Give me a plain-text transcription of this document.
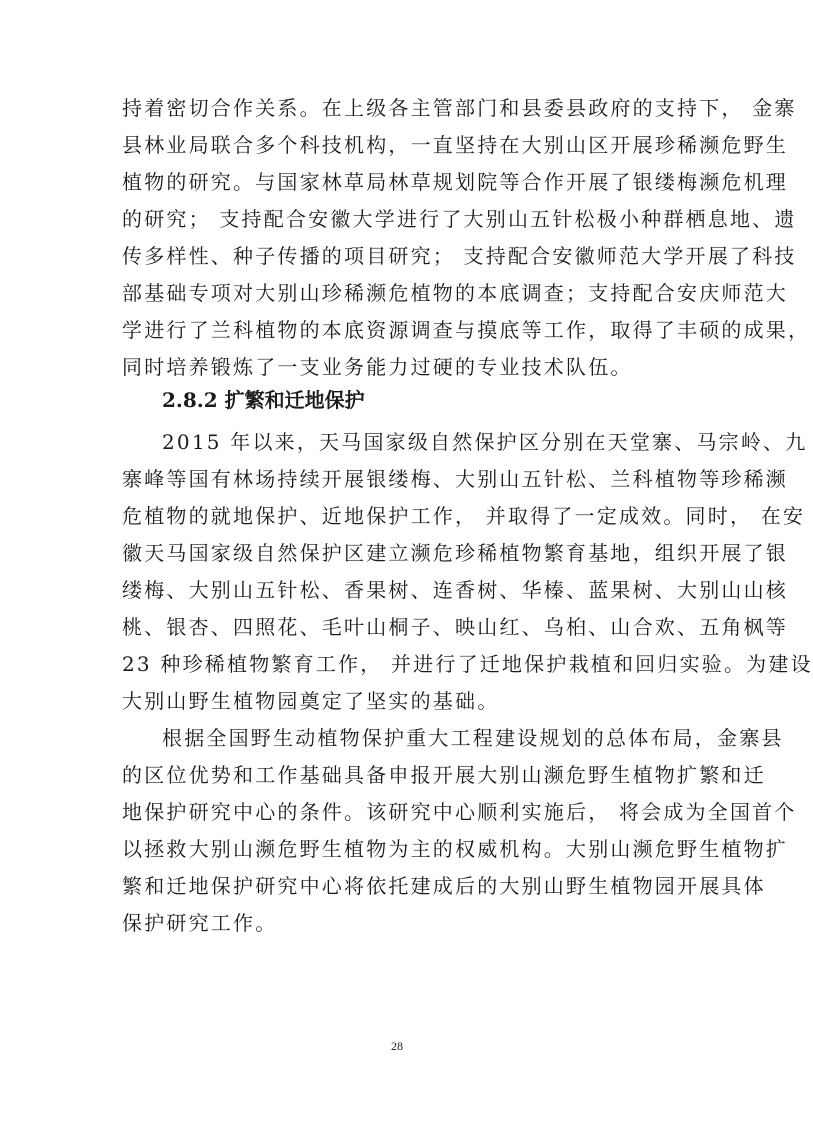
持着密切合作关系。在上级各主管部门和县委县政府的支持下， 金寨
县林业局联合多个科技机构，一直坚持在大别山区开展珍稀濒危野生
植物的研究。与国家林草局林草规划院等合作开展了银缕梅濒危机理
的研究； 支持配合安徽大学进行了大别山五针松极小种群栖息地、遗
传多样性、种子传播的项目研究； 支持配合安徽师范大学开展了科技
部基础专项对大别山珍稀濒危植物的本底调查；支持配合安庆师范大
学进行了兰科植物的本底资源调查与摸底等工作，取得了丰硕的成果，
同时培养锻炼了一支业务能力过硬的专业技术队伍。
2.8.2 扩繁和迁地保护
2015 年以来，天马国家级自然保护区分别在天堂寨、马宗岭、九
寨峰等国有林场持续开展银缕梅、大别山五针松、兰科植物等珍稀濒
危植物的就地保护、近地保护工作， 并取得了一定成效。同时， 在安
徽天马国家级自然保护区建立濒危珍稀植物繁育基地，组织开展了银
缕梅、大别山五针松、香果树、连香树、华榛、蓝果树、大别山山核
桃、银杏、四照花、毛叶山桐子、映山红、乌桕、山合欢、五角枫等
23 种珍稀植物繁育工作， 并进行了迁地保护栽植和回归实验。为建设
大别山野生植物园奠定了坚实的基础。
根据全国野生动植物保护重大工程建设规划的总体布局，金寨县
的区位优势和工作基础具备申报开展大别山濒危野生植物扩繁和迁
地保护研究中心的条件。该研究中心顺利实施后， 将会成为全国首个
以拯救大别山濒危野生植物为主的权威机构。大别山濒危野生植物扩
繁和迁地保护研究中心将依托建成后的大别山野生植物园开展具体
保护研究工作。
28
